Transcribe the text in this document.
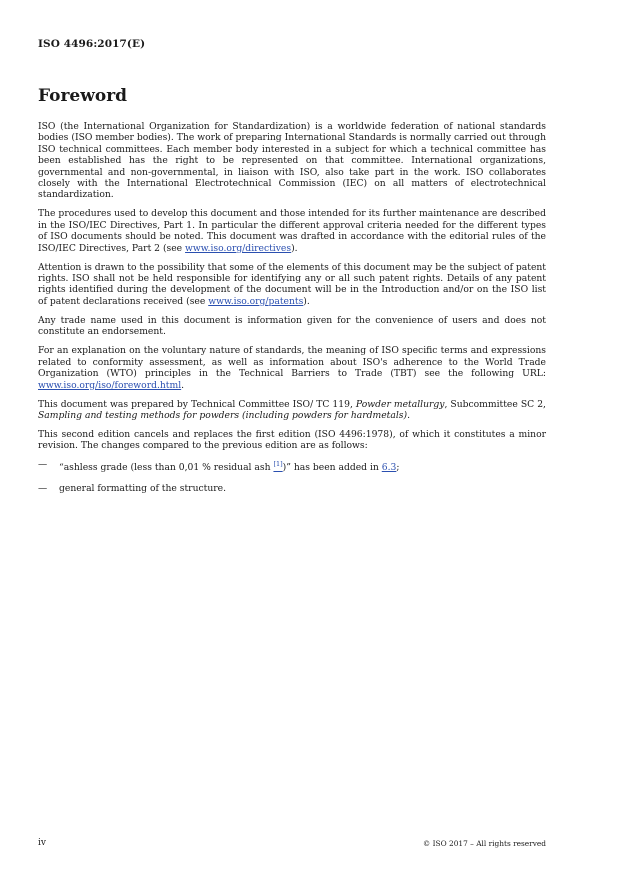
ISO 4496:2017(E)
Foreword

ISO (the International Organization for Standardization) is a worldwide federation of national standards bodies (ISO member bodies). The work of preparing International Standards is normally carried out through ISO technical committees. Each member body interested in a subject for which a technical committee has been established has the right to be represented on that committee. International organizations, governmental and non-governmental, in liaison with ISO, also take part in the work. ISO collaborates closely with the International Electrotechnical Commission (IEC) on all matters of electrotechnical standardization.

The procedures used to develop this document and those intended for its further maintenance are described in the ISO/IEC Directives, Part 1. In particular the different approval criteria needed for the different types of ISO documents should be noted. This document was drafted in accordance with the editorial rules of the ISO/IEC Directives, Part 2 (see www.iso.org/directives).

Attention is drawn to the possibility that some of the elements of this document may be the subject of patent rights. ISO shall not be held responsible for identifying any or all such patent rights. Details of any patent rights identified during the development of the document will be in the Introduction and/or on the ISO list of patent declarations received (see www.iso.org/patents).

Any trade name used in this document is information given for the convenience of users and does not constitute an endorsement.

For an explanation on the voluntary nature of standards, the meaning of ISO specific terms and expressions related to conformity assessment, as well as information about ISO's adherence to the World Trade Organization (WTO) principles in the Technical Barriers to Trade (TBT) see the following URL: www.iso.org/iso/foreword.html.

This document was prepared by Technical Committee ISO/ TC 119, Powder metallurgy, Subcommittee SC 2, Sampling and testing methods for powders (including powders for hardmetals).

This second edition cancels and replaces the first edition (ISO 4496:1978), of which it constitutes a minor revision. The changes compared to the previous edition are as follows:

—	“ashless grade (less than 0,01 % residual ash [1])” has been added in 6.3;
—	general formatting of the structure.
iv	© ISO 2017 – All rights reserved
